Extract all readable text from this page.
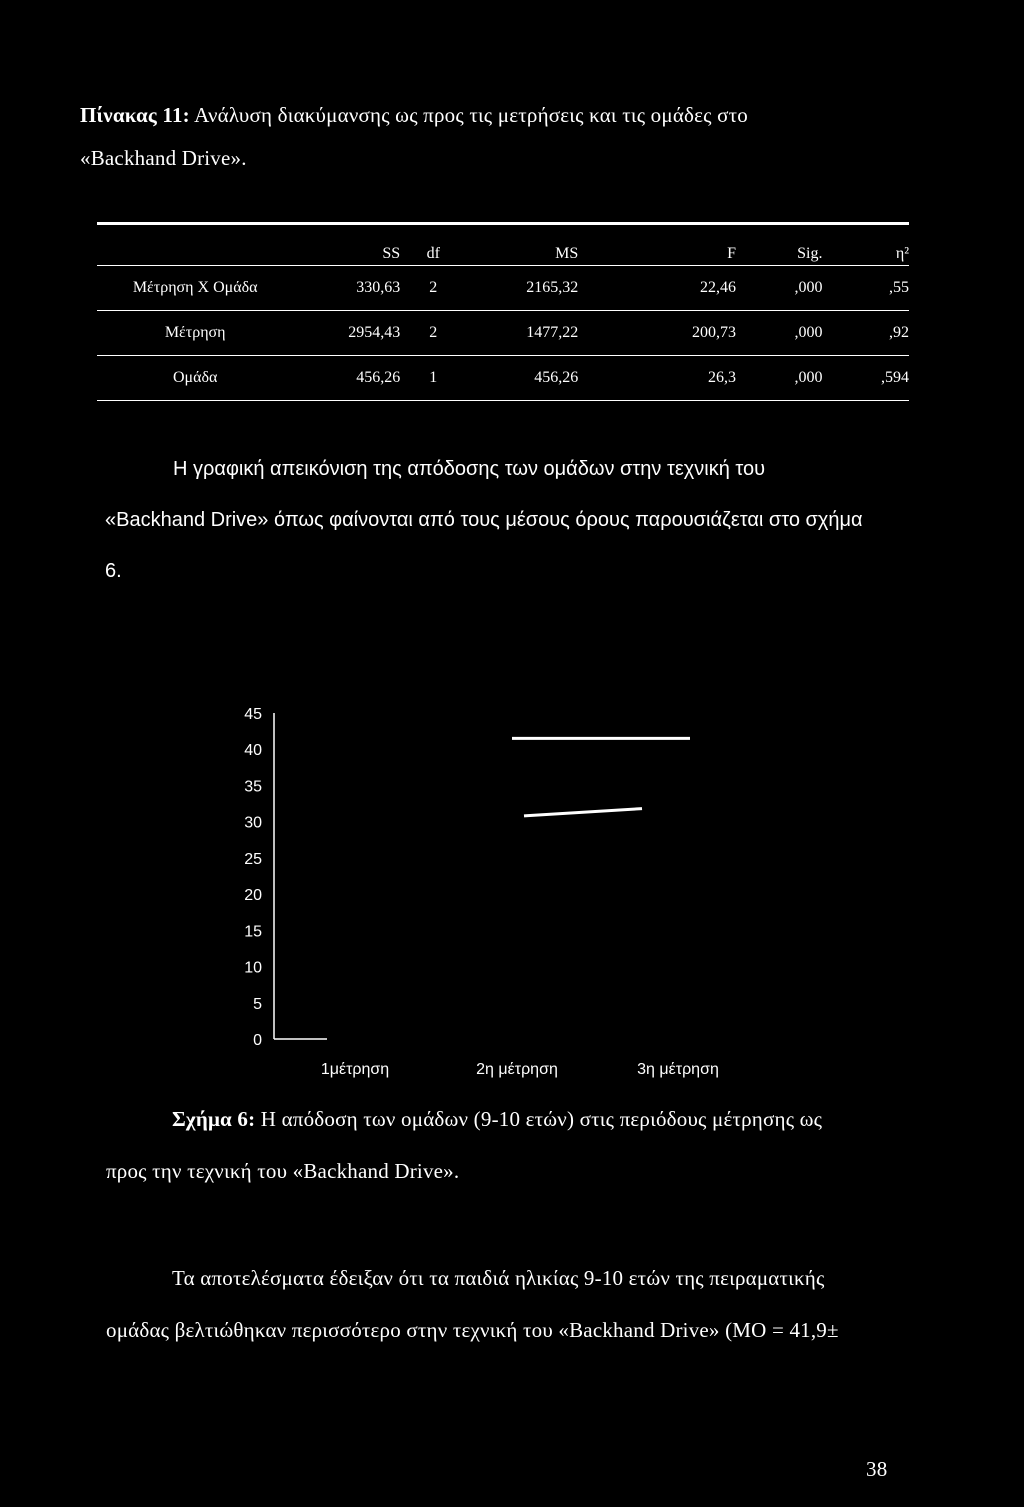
Πίνακας 11: Ανάλυση διακύμανσης ως προς τις μετρήσεις και τις ομάδες στο
«Backhand Drive».
	SS	df	MS	F	Sig.	η²
Μέτρηση Χ Ομάδα	330,63	2	2165,32	22,46	,000	,55
Μέτρηση	2954,43	2	1477,22	200,73	,000	,92
Ομάδα	456,26	1	456,26	26,3	,000	,594
Η γραφική απεικόνιση της απόδοσης των ομάδων στην τεχνική του
«Backhand Drive» όπως φαίνονται από τους μέσους όρους παρουσιάζεται στο σχήμα
6.
45
40
35
30
25
20
15
10
5
0
1μέτρηση	2η μέτρηση	3η μέτρηση
Σχήμα 6: Η απόδοση των ομάδων (9-10 ετών) στις περιόδους μέτρησης ως
προς την τεχνική του «Backhand Drive».
Τα αποτελέσματα έδειξαν ότι τα παιδιά ηλικίας 9-10 ετών της πειραματικής
ομάδας βελτιώθηκαν περισσότερο στην τεχνική του «Backhand Drive» (ΜΟ = 41,9±
38
